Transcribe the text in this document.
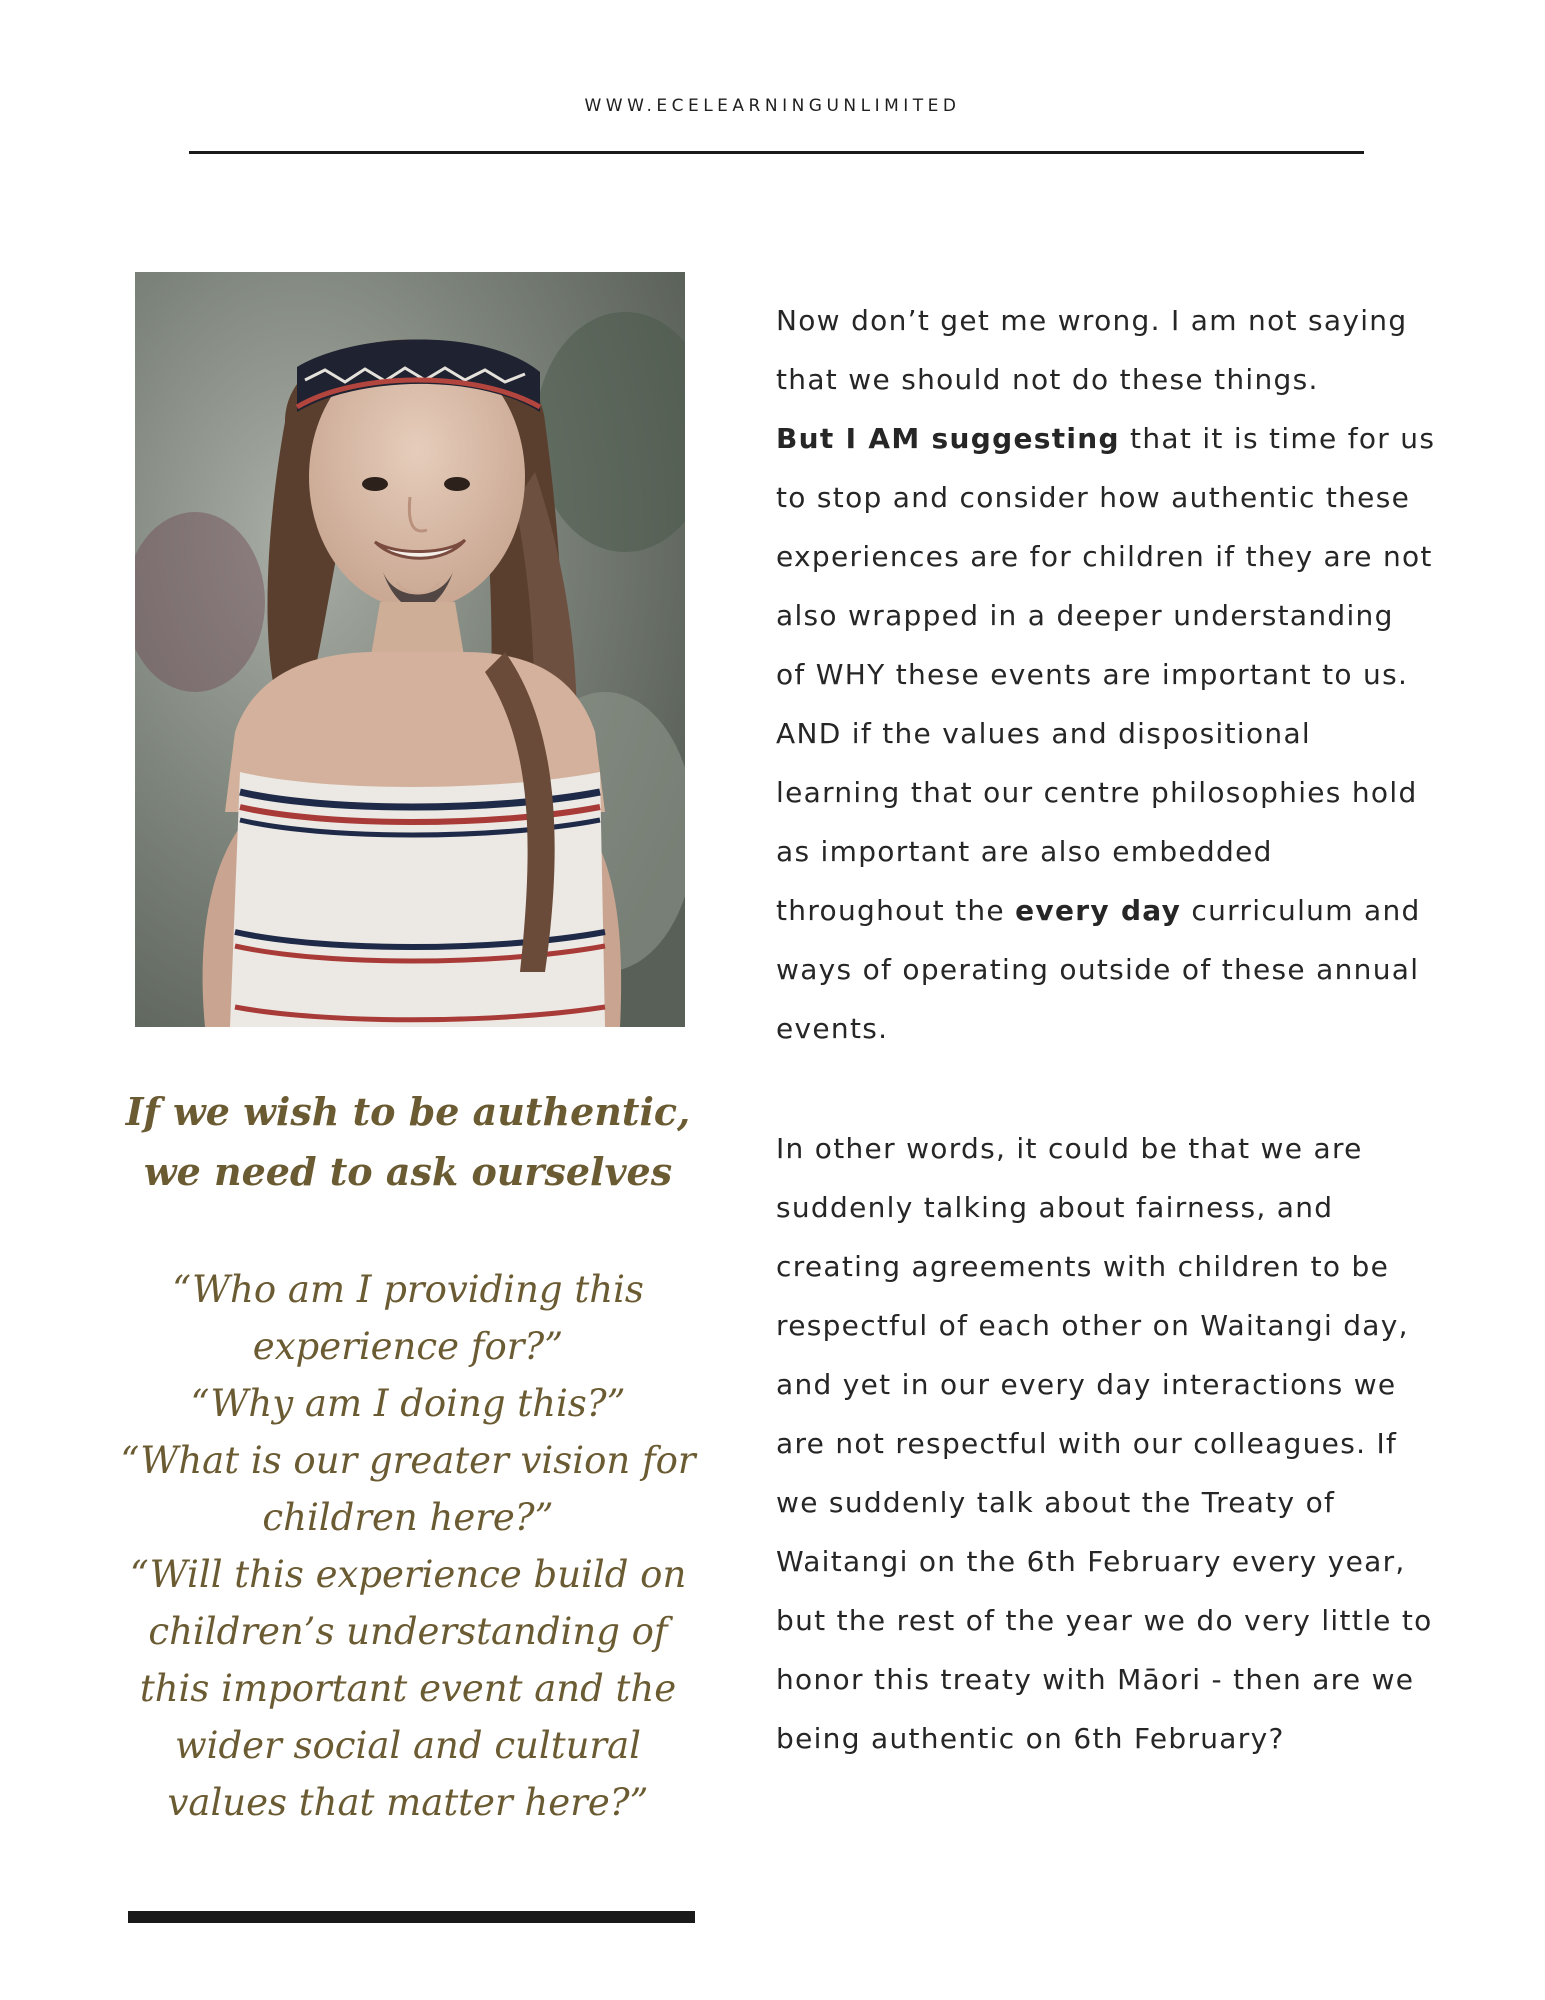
WWW.ECELEARNINGUNLIMITED
If we wish to be authentic,
we need to ask ourselves
“Who am I providing this
experience for?”
“Why am I doing this?”
“What is our greater vision for
children here?”
“Will this experience build on
children’s understanding of
this important event and the
wider social and cultural
values that matter here?”
Now don’t get me wrong. I am not saying
that we should not do these things.
But I AM suggesting that it is time for us
to stop and consider how authentic these
experiences are for children if they are not
also wrapped in a deeper understanding
of WHY these events are important to us.
AND if the values and dispositional
learning that our centre philosophies hold
as important are also embedded
throughout the every day curriculum and
ways of operating outside of these annual
events.
In other words, it could be that we are
suddenly talking about fairness, and
creating agreements with children to be
respectful of each other on Waitangi day,
and yet in our every day interactions we
are not respectful with our colleagues. If
we suddenly talk about the Treaty of
Waitangi on the 6th February every year,
but the rest of the year we do very little to
honor this treaty with Māori - then are we
being authentic on 6th February?
